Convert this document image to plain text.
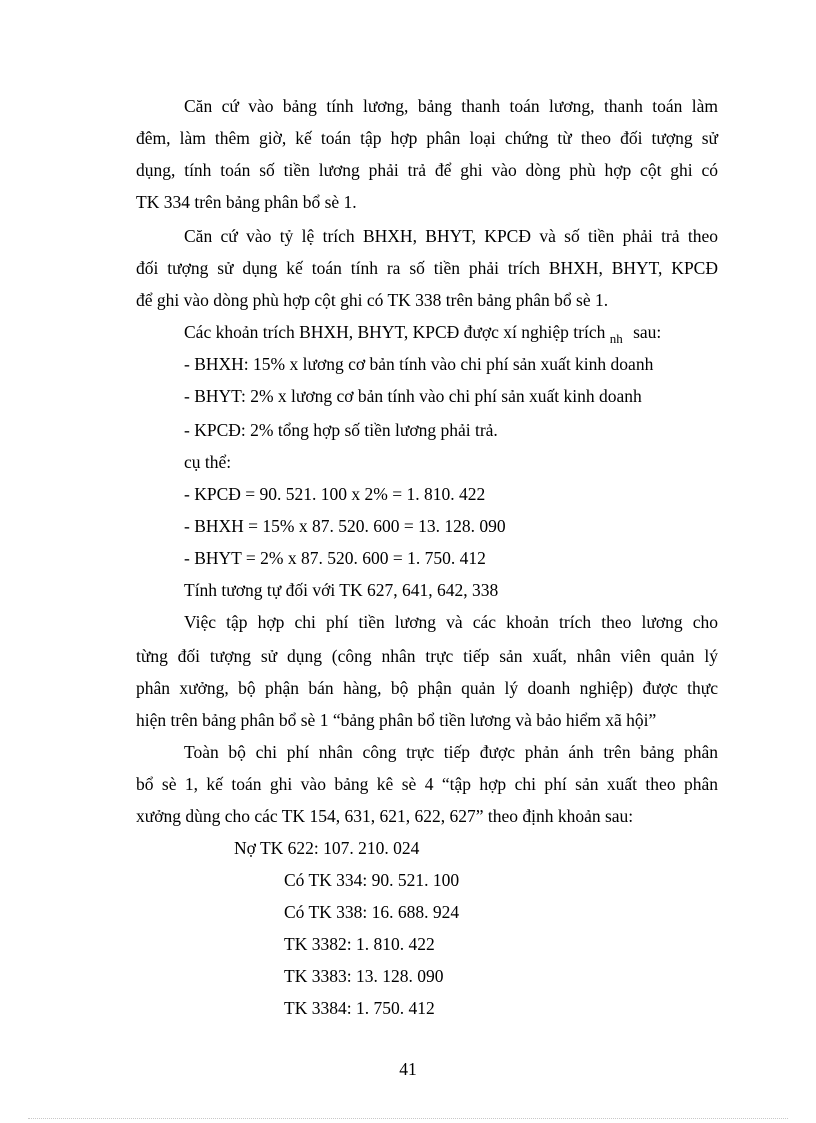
Căn cứ vào bảng tính lương, bảng thanh toán lương, thanh toán làm
đêm, làm thêm giờ, kế toán tập hợp phân loại chứng từ theo đối tượng sử
dụng, tính toán số tiền lương phải trả để ghi vào dòng phù hợp cột ghi có
TK 334 trên bảng phân bổ sè 1.
Căn cứ vào tỷ lệ trích BHXH, BHYT, KPCĐ và số tiền phải trả theo
đối tượng sử dụng kế toán tính ra số tiền phải trích BHXH, BHYT, KPCĐ
để ghi vào dòng phù hợp cột ghi có TK 338 trên bảng phân bổ sè 1.
Các khoản trích BHXH, BHYT, KPCĐ được xí nghiệp trích $_{nh}$ sau:
- BHXH: 15% x lương cơ bản tính vào chi phí sản xuất kinh doanh
- BHYT: 2% x lương cơ bản tính vào chi phí sản xuất kinh doanh
- KPCĐ: 2% tổng hợp số tiền lương phải trả.
cụ thể:
- KPCĐ = 90. 521. 100 x 2% = 1. 810. 422
- BHXH = 15% x 87. 520. 600 = 13. 128. 090
- BHYT = 2% x 87. 520. 600 = 1. 750. 412
Tính tương tự đối với TK 627, 641, 642, 338
Việc tập hợp chi phí tiền lương và các khoản trích theo lương cho
từng đối tượng sử dụng (công nhân trực tiếp sản xuất, nhân viên quản lý
phân xưởng, bộ phận bán hàng, bộ phận quản lý doanh nghiệp) được thực
hiện trên bảng phân bổ sè 1 “bảng phân bổ tiền lương và bảo hiểm xã hội”
Toàn bộ chi phí nhân công trực tiếp được phản ánh trên bảng phân
bổ sè 1, kế toán ghi vào bảng kê sè 4 “tập hợp chi phí sản xuất theo phân
xưởng dùng cho các TK 154, 631, 621, 622, 627” theo định khoản sau:
Nợ TK 622: 107. 210. 024
Có TK 334: 90. 521. 100
Có TK 338: 16. 688. 924
TK 3382: 1. 810. 422
TK 3383: 13. 128. 090
TK 3384: 1. 750. 412
41
